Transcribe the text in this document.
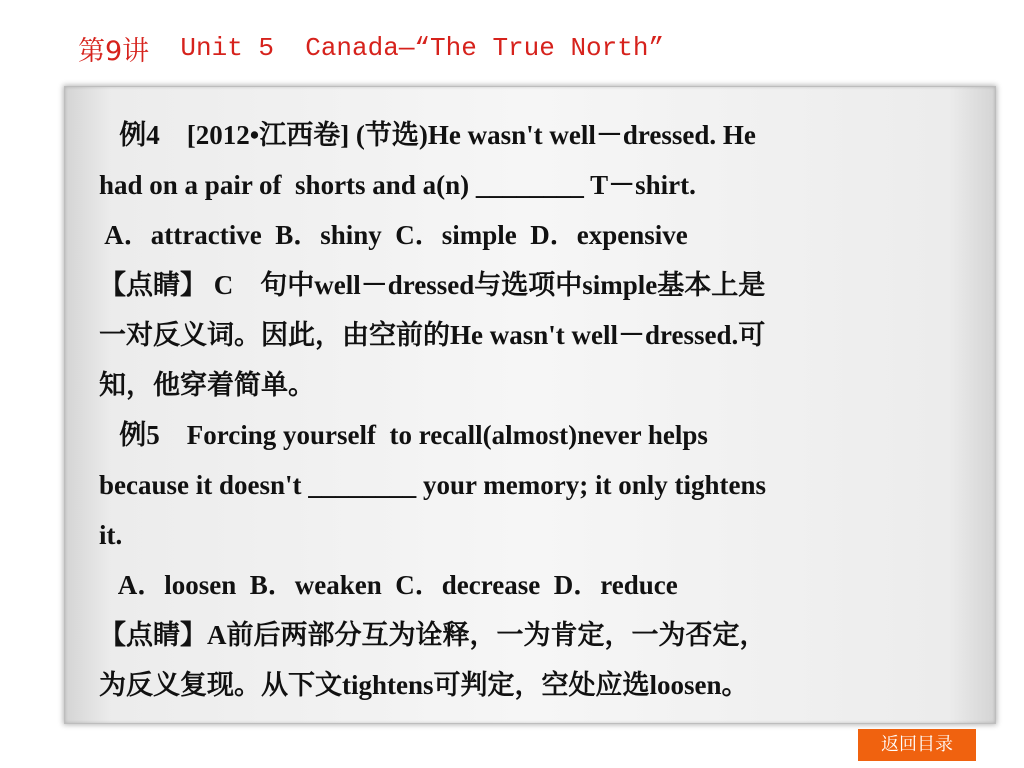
第9讲 Unit 5  Canada—“The True North”
例4　[2012•江西卷] (节选)He wasn't well－dressed. He
had on a pair of  shorts and a(n) ________ T－shirt.
A．attractive  B．shiny  C．simple  D．expensive
【点睛】 C　句中well－dressed与选项中simple基本上是
一对反义词。因此，由空前的He wasn't well－dressed.可
知，他穿着简单。
例5　Forcing yourself  to recall(almost)never helps
because it doesn't ________ your memory; it only tightens
it.
A．loosen  B．weaken  C．decrease  D．reduce
【点睛】A前后两部分互为诠释，一为肯定，一为否定，
为反义复现。从下文tightens可判定，空处应选loosen。
返回目录
